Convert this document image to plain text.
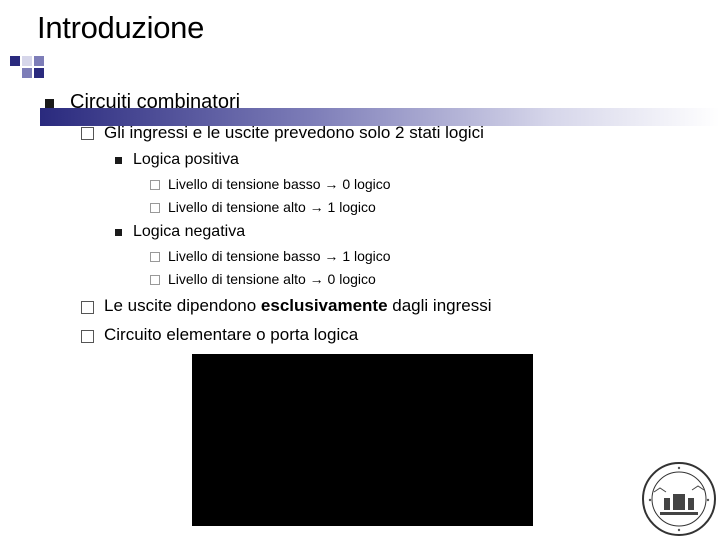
Introduzione
Circuiti combinatori
Gli ingressi e le uscite prevedono solo 2 stati logici
Logica positiva
Livello di tensione basso → 0 logico
Livello di tensione alto → 1 logico
Logica negativa
Livello di tensione basso → 1 logico
Livello di tensione alto → 0 logico
Le uscite dipendono esclusivamente dagli ingressi
Circuito elementare o porta logica
